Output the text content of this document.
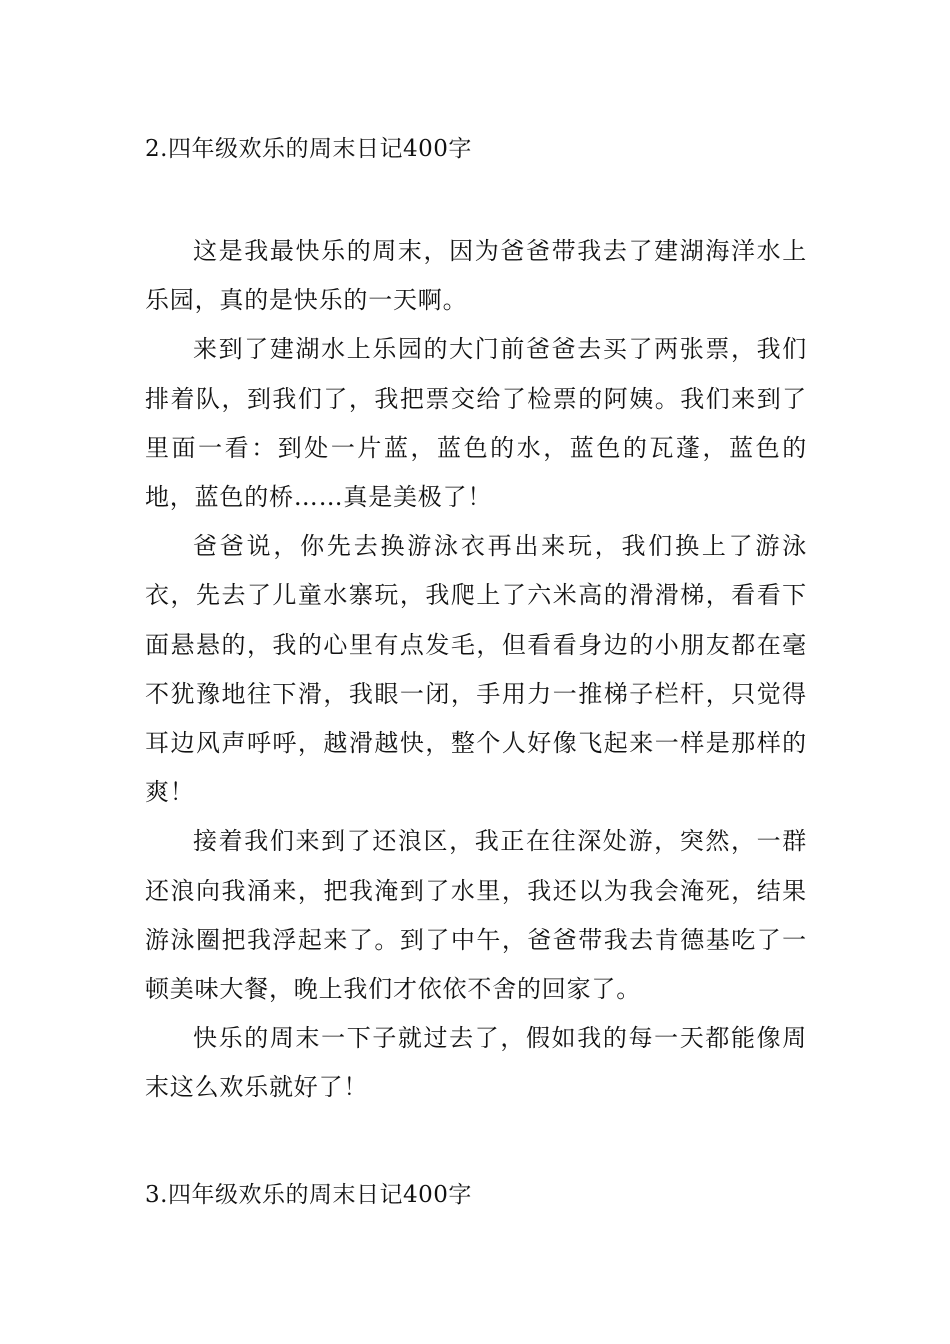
2.四年级欢乐的周末日记400字

这是我最快乐的周末，因为爸爸带我去了建湖海洋水上乐园，真的是快乐的一天啊。

来到了建湖水上乐园的大门前爸爸去买了两张票，我们排着队，到我们了，我把票交给了检票的阿姨。我们来到了里面一看：到处一片蓝，蓝色的水，蓝色的瓦蓬，蓝色的地，蓝色的桥……真是美极了！

爸爸说，你先去换游泳衣再出来玩，我们换上了游泳衣，先去了儿童水寨玩，我爬上了六米高的滑滑梯，看看下面悬悬的，我的心里有点发毛，但看看身边的小朋友都在毫不犹豫地往下滑，我眼一闭，手用力一推梯子栏杆，只觉得耳边风声呼呼，越滑越快，整个人好像飞起来一样是那样的爽！

接着我们来到了还浪区，我正在往深处游，突然，一群还浪向我涌来，把我淹到了水里，我还以为我会淹死，结果游泳圈把我浮起来了。到了中午，爸爸带我去肯德基吃了一顿美味大餐，晚上我们才依依不舍的回家了。

快乐的周末一下子就过去了，假如我的每一天都能像周末这么欢乐就好了！

3.四年级欢乐的周末日记400字
